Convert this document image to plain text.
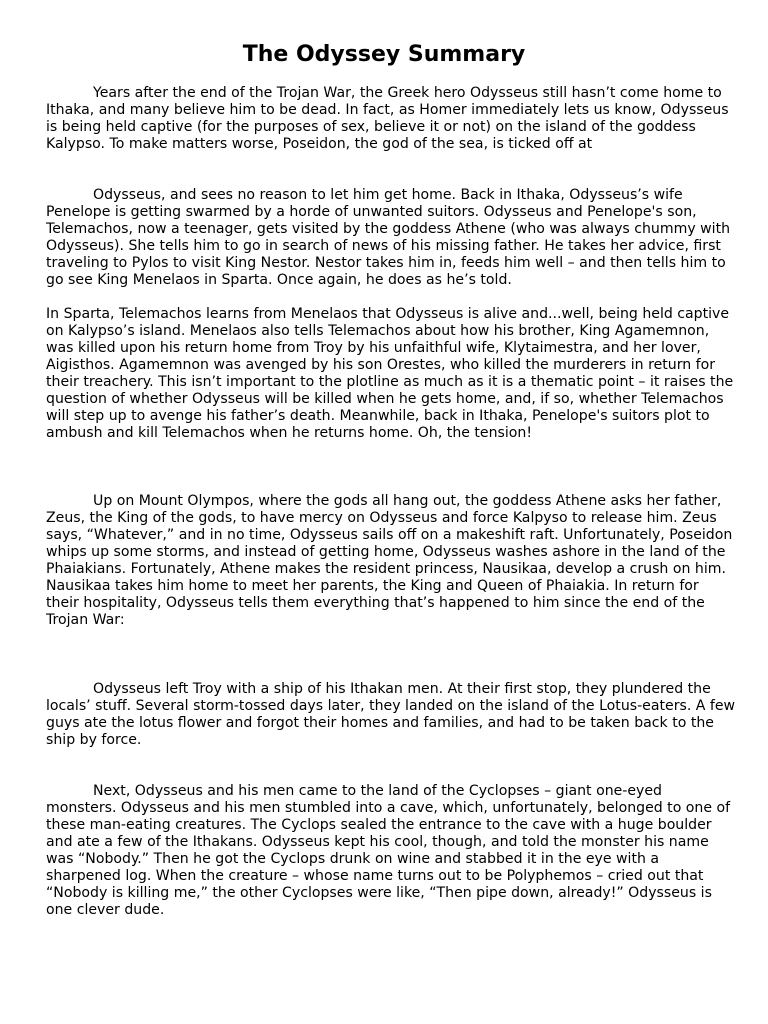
The Odyssey Summary

Years after the end of the Trojan War, the Greek hero Odysseus still hasn’t come home to Ithaka, and many believe him to be dead. In fact, as Homer immediately lets us know, Odysseus is being held captive (for the purposes of sex, believe it or not) on the island of the goddess Kalypso. To make matters worse, Poseidon, the god of the sea, is ticked off at

Odysseus, and sees no reason to let him get home. Back in Ithaka, Odysseus’s wife Penelope is getting swarmed by a horde of unwanted suitors. Odysseus and Penelope's son, Telemachos, now a teenager, gets visited by the goddess Athene (who was always chummy with Odysseus). She tells him to go in search of news of his missing father. He takes her advice, first traveling to Pylos to visit King Nestor. Nestor takes him in, feeds him well – and then tells him to go see King Menelaos in Sparta. Once again, he does as he’s told.

In Sparta, Telemachos learns from Menelaos that Odysseus is alive and...well, being held captive on Kalypso’s island. Menelaos also tells Telemachos about how his brother, King Agamemnon, was killed upon his return home from Troy by his unfaithful wife, Klytaimestra, and her lover, Aigisthos. Agamemnon was avenged by his son Orestes, who killed the murderers in return for their treachery. This isn’t important to the plotline as much as it is a thematic point – it raises the question of whether Odysseus will be killed when he gets home, and, if so, whether Telemachos will step up to avenge his father’s death. Meanwhile, back in Ithaka, Penelope's suitors plot to ambush and kill Telemachos when he returns home. Oh, the tension!

Up on Mount Olympos, where the gods all hang out, the goddess Athene asks her father, Zeus, the King of the gods, to have mercy on Odysseus and force Kalpyso to release him. Zeus says, “Whatever,” and in no time, Odysseus sails off on a makeshift raft. Unfortunately, Poseidon whips up some storms, and instead of getting home, Odysseus washes ashore in the land of the Phaiakians. Fortunately, Athene makes the resident princess, Nausikaa, develop a crush on him. Nausikaa takes him home to meet her parents, the King and Queen of Phaiakia. In return for their hospitality, Odysseus tells them everything that’s happened to him since the end of the Trojan War:

Odysseus left Troy with a ship of his Ithakan men. At their first stop, they plundered the locals’ stuff. Several storm-tossed days later, they landed on the island of the Lotus-eaters. A few guys ate the lotus flower and forgot their homes and families, and had to be taken back to the ship by force.

Next, Odysseus and his men came to the land of the Cyclopses – giant one-eyed monsters. Odysseus and his men stumbled into a cave, which, unfortunately, belonged to one of these man-eating creatures. The Cyclops sealed the entrance to the cave with a huge boulder and ate a few of the Ithakans. Odysseus kept his cool, though, and told the monster his name was “Nobody.” Then he got the Cyclops drunk on wine and stabbed it in the eye with a sharpened log. When the creature – whose name turns out to be Polyphemos – cried out that “Nobody is killing me,” the other Cyclopses were like, “Then pipe down, already!” Odysseus is one clever dude.
